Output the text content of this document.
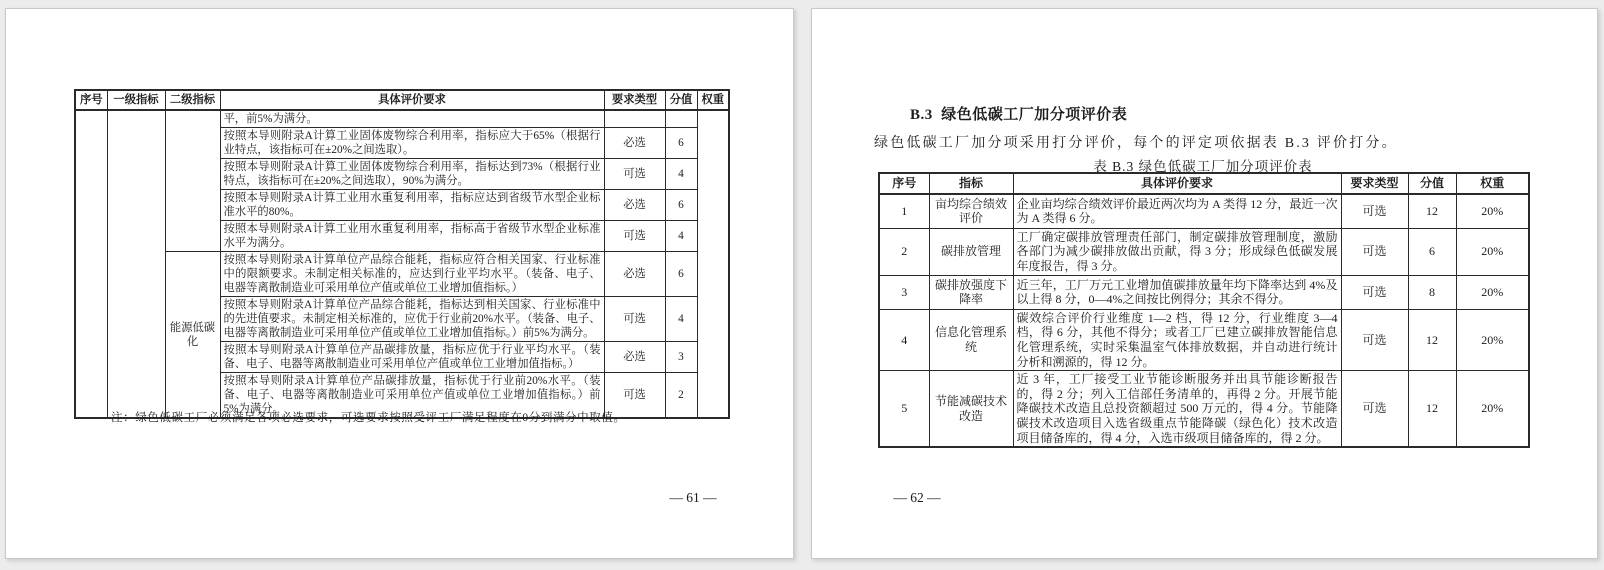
序号	一级指标	二级指标	具体评价要求	要求类型	分值	权重
			平，前5%为满分。			
			按照本导则附录A计算工业固体废物综合利用率，指标应大于65%（根据行业特点，该指标可在±20%之间选取）。	必选	6	
			按照本导则附录A计算工业固体废物综合利用率，指标达到73%（根据行业特点，该指标可在±20%之间选取），90%为满分。	可选	4	
			按照本导则附录A计算工业用水重复利用率，指标应达到省级节水型企业标准水平的80%。	必选	6	
			按照本导则附录A计算工业用水重复利用率，指标高于省级节水型企业标准水平为满分。	可选	4	
		能源低碳化	按照本导则附录A计算单位产品综合能耗，指标应符合相关国家、行业标准中的限额要求。未制定相关标准的，应达到行业平均水平。（装备、电子、电器等离散制造业可采用单位产值或单位工业增加值指标。）	必选	6	
			按照本导则附录A计算单位产品综合能耗，指标达到相关国家、行业标准中的先进值要求。未制定相关标准的，应优于行业前20%水平。（装备、电子、电器等离散制造业可采用单位产值或单位工业增加值指标。）前5%为满分。	可选	4	
			按照本导则附录A计算单位产品碳排放量，指标应优于行业平均水平。（装备、电子、电器等离散制造业可采用单位产值或单位工业增加值指标。）	必选	3	
			按照本导则附录A计算单位产品碳排放量，指标优于行业前20%水平。（装备、电子、电器等离散制造业可采用单位产值或单位工业增加值指标。）前5%为满分。	可选	2	
注：绿色低碳工厂必须满足各项必选要求，可选要求按照受评工厂满足程度在0分到满分中取值。
— 61 —
B.3  绿色低碳工厂加分项评价表
绿色低碳工厂加分项采用打分评价，每个的评定项依据表 B.3 评价打分。
表 B.3 绿色低碳工厂加分项评价表
序号	指标	具体评价要求	要求类型	分值	权重
1	亩均综合绩效评价	企业亩均综合绩效评价最近两次均为 A 类得 12 分，最近一次为 A 类得 6 分。	可选	12	20%
2	碳排放管理	工厂确定碳排放管理责任部门，制定碳排放管理制度，激励各部门为减少碳排放做出贡献，得 3 分；形成绿色低碳发展年度报告，得 3 分。	可选	6	20%
3	碳排放强度下降率	近三年，工厂万元工业增加值碳排放量年均下降率达到 4%及以上得 8 分，0—4%之间按比例得分；其余不得分。	可选	8	20%
4	信息化管理系统	碳效综合评价行业维度 1—2 档，得 12 分，行业维度 3—4 档，得 6 分，其他不得分；或者工厂已建立碳排放智能信息化管理系统，实时采集温室气体排放数据，并自动进行统计分析和溯源的，得 12 分。	可选	12	20%
5	节能减碳技术改造	近 3 年，工厂接受工业节能诊断服务并出具节能诊断报告的，得 2 分；列入工信部任务清单的，再得 2 分。开展节能降碳技术改造且总投资额超过 500 万元的，得 4 分。节能降碳技术改造项目入选省级重点节能降碳（绿色化）技术改造项目储备库的，得 4 分，入选市级项目储备库的，得 2 分。	可选	12	20%
— 62 —
